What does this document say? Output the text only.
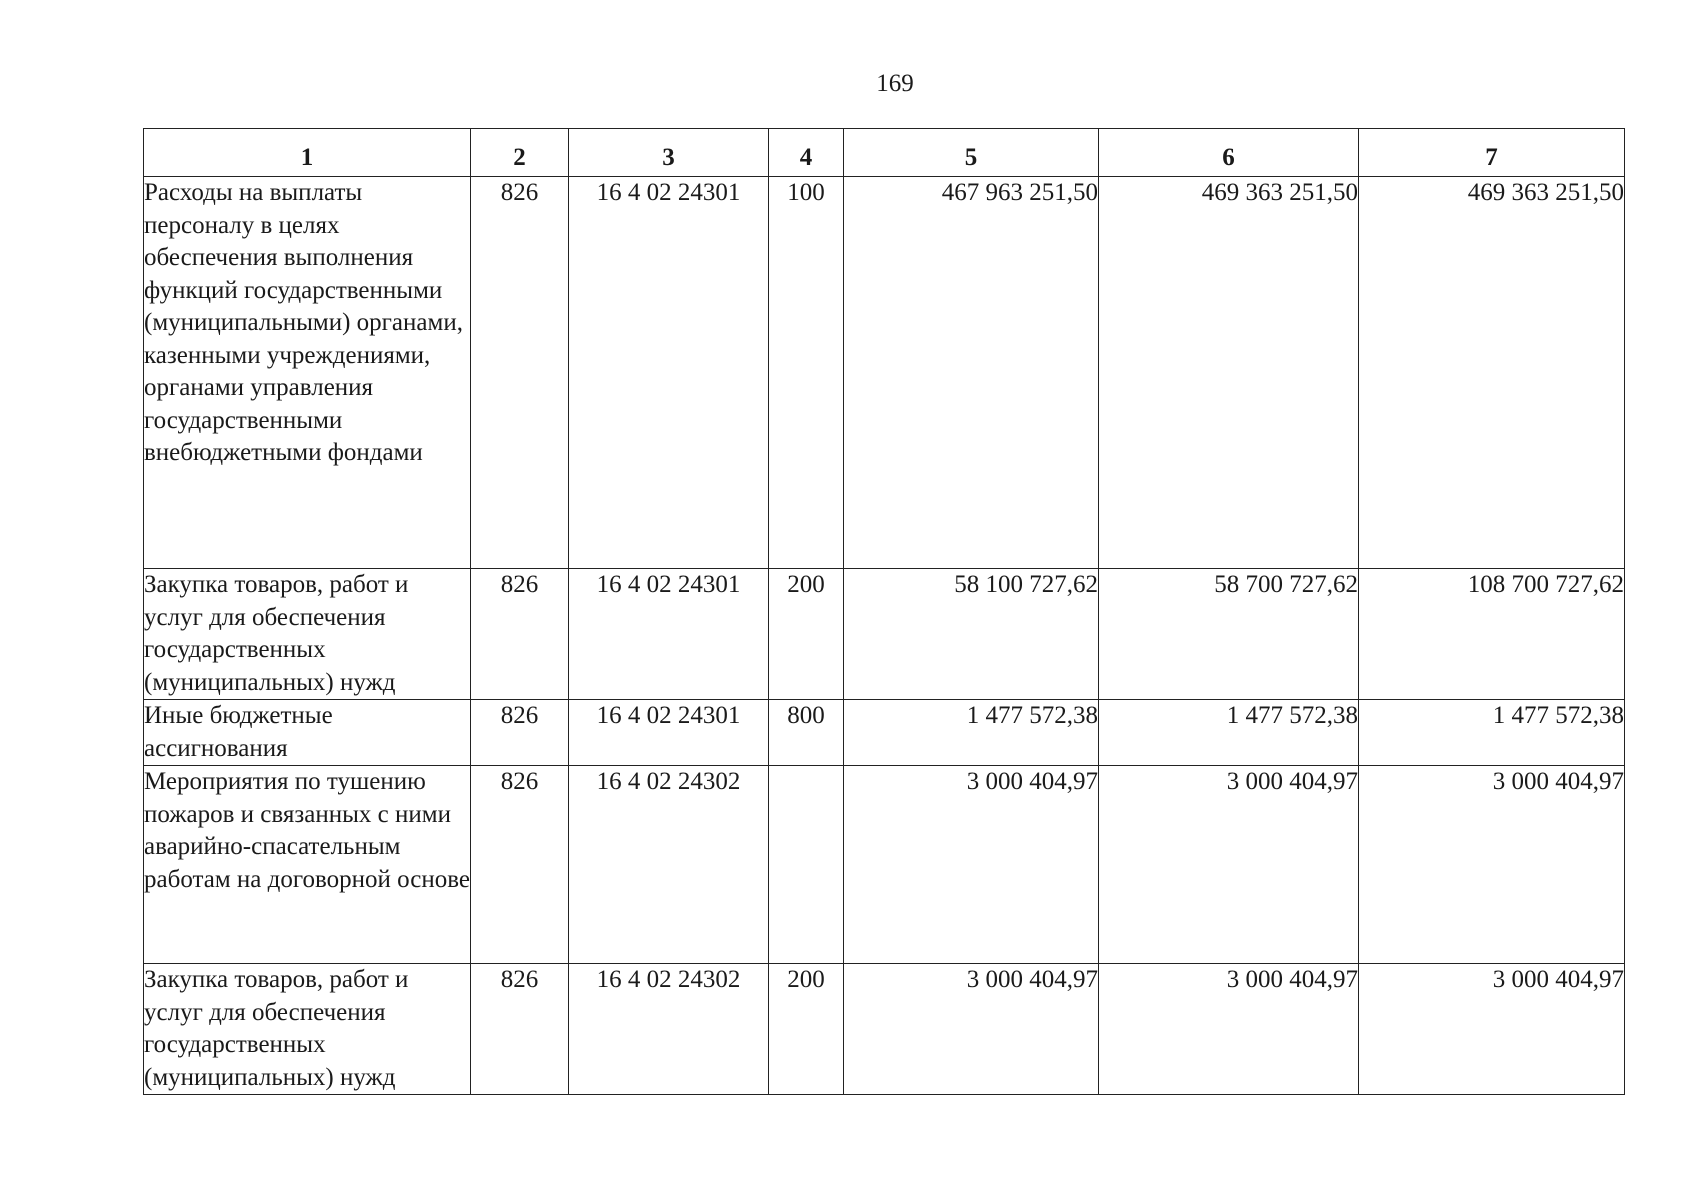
169
1	2	3	4	5	6	7
Расходы на выплаты персоналу в целях обеспечения выполнения функций государственными (муниципальными) органами, казенными учреждениями, органами управления государственными внебюджетными фондами	826	16 4 02 24301	100	467 963 251,50	469 363 251,50	469 363 251,50
Закупка товаров, работ и услуг для обеспечения государственных (муниципальных) нужд	826	16 4 02 24301	200	58 100 727,62	58 700 727,62	108 700 727,62
Иные бюджетные ассигнования	826	16 4 02 24301	800	1 477 572,38	1 477 572,38	1 477 572,38
Мероприятия по тушению пожаров и связанных с ними аварийно-спасательным работам на договорной основе	826	16 4 02 24302		3 000 404,97	3 000 404,97	3 000 404,97
Закупка товаров, работ и услуг для обеспечения государственных (муниципальных) нужд	826	16 4 02 24302	200	3 000 404,97	3 000 404,97	3 000 404,97
